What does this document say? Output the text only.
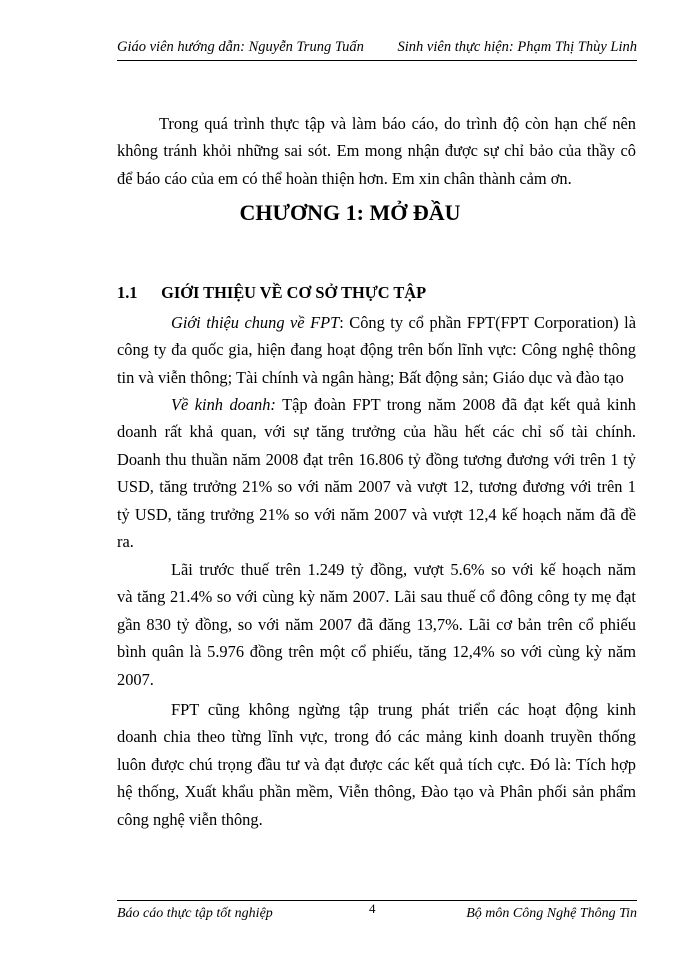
Giáo viên hướng dẫn: Nguyễn Trung Tuấn Sinh viên thực hiện: Phạm Thị Thùy Linh
Trong quá trình thực tập và làm báo cáo, do trình độ còn hạn chế nên
không tránh khỏi những sai sót. Em mong nhận được sự chỉ bảo của thầy cô
để báo cáo của em có thể hoàn thiện hơn. Em xin chân thành cảm ơn.
CHƯƠNG 1: MỞ ĐẦU
1.1 GIỚI THIỆU VỀ CƠ SỞ THỰC TẬP
Giới thiệu chung về FPT: Công ty cổ phần FPT(FPT Corporation) là
công ty đa quốc gia, hiện đang hoạt động trên bốn lĩnh vực: Công nghệ thông
tin và viễn thông; Tài chính và ngân hàng; Bất động sản; Giáo dục và đào tạo
Về kinh doanh: Tập đoàn FPT trong năm 2008 đã đạt kết quả kinh
doanh rất khả quan, với sự tăng trưởng của hầu hết các chỉ số tài chính.
Doanh thu thuần năm 2008 đạt trên 16.806 tỷ đồng tương đương với trên 1 tỷ
USD, tăng trưởng 21% so với năm 2007 và vượt 12, tương đương với trên 1
tỷ USD, tăng trưởng 21% so với năm 2007 và vượt 12,4 kế hoạch năm đã đề
ra.
Lãi trước thuế trên 1.249 tỷ đồng, vượt 5.6% so với kế hoạch năm
và tăng 21.4% so với cùng kỳ năm 2007. Lãi sau thuế cổ đông công ty mẹ đạt
gần 830 tỷ đồng, so với năm 2007 đã đăng 13,7%. Lãi cơ bản trên cổ phiếu
bình quân là 5.976 đồng trên một cổ phiếu, tăng 12,4% so với cùng kỳ năm
2007.
FPT cũng không ngừng tập trung phát triển các hoạt động kinh
doanh chia theo từng lĩnh vực, trong đó các mảng kinh doanh truyền thống
luôn được chú trọng đầu tư và đạt được các kết quả tích cực. Đó là: Tích hợp
hệ thống, Xuất khẩu phần mềm, Viễn thông, Đào tạo và Phân phối sản phẩm
công nghệ viễn thông.
Báo cáo thực tập tốt nghiệp	4	Bộ môn Công Nghệ Thông Tin
